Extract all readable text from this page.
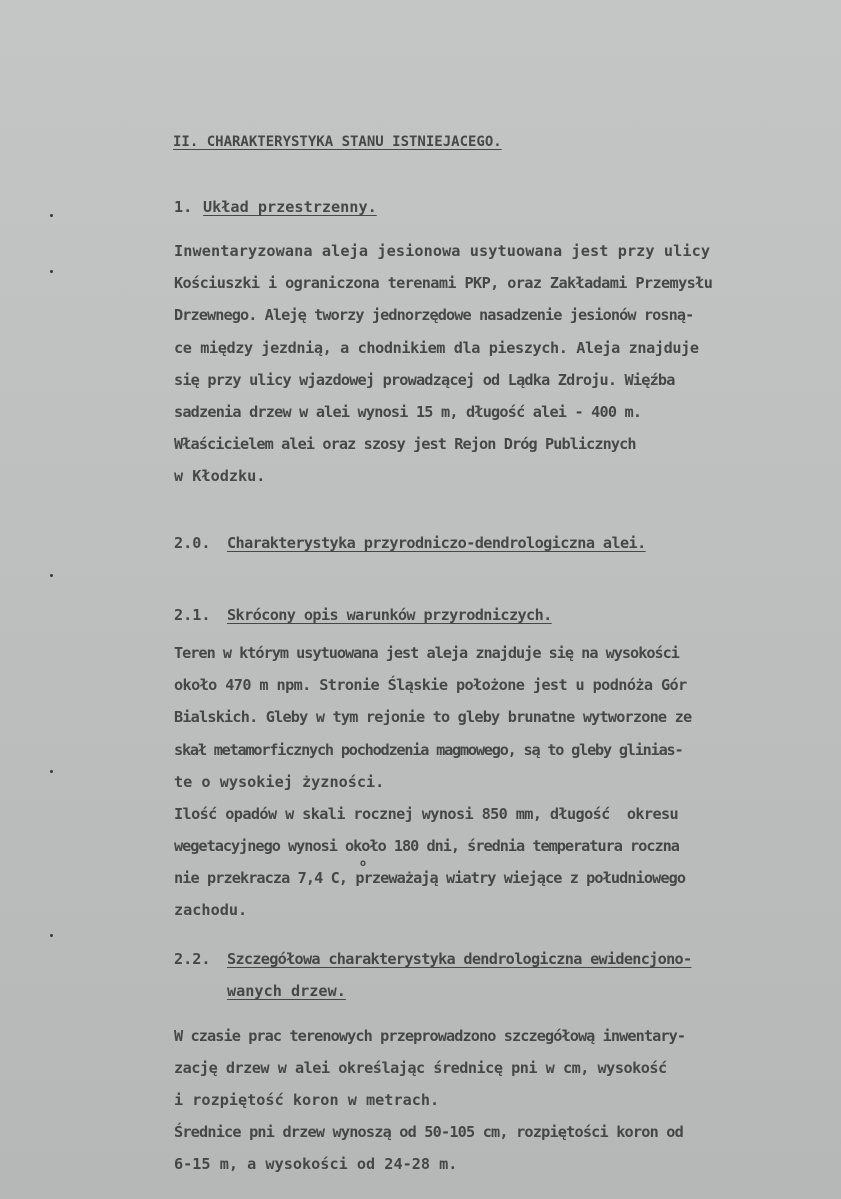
II. CHARAKTERYSTYKA STANU ISTNIEJACEGO.
1. Układ przestrzenny.
Inwentaryzowana aleja jesionowa usytuowana jest przy ulicy
Kościuszki i ograniczona terenami PKP, oraz Zakładami Przemysłu
Drzewnego. Aleję tworzy jednorzędowe nasadzenie jesionów rosną-
ce między jezdnią, a chodnikiem dla pieszych. Aleja znajduje
się przy ulicy wjazdowej prowadzącej od Lądka Zdroju. Więźba
sadzenia drzew w alei wynosi 15 m, długość alei - 400 m.
Właścicielem alei oraz szosy jest Rejon Dróg Publicznych
w Kłodzku.
2.0. Charakterystyka przyrodniczo-dendrologiczna alei.
2.1. Skrócony opis warunków przyrodniczych.
Teren w którym usytuowana jest aleja znajduje się na wysokości
około 470 m npm. Stronie Śląskie położone jest u podnóża Gór
Bialskich. Gleby w tym rejonie to gleby brunatne wytworzone ze
skał metamorficznych pochodzenia magmowego, są to gleby glinias-
te o wysokiej żyzności.
Ilość opadów w skali rocznej wynosi 850 mm, długość  okresu
wegetacyjnego wynosi około 180 dni, średnia temperatura roczna
o
nie przekracza 7,4 C, przeważają wiatry wiejące z południowego
zachodu.
2.2. Szczegółowa charakterystyka dendrologiczna ewidencjono-
wanych drzew.
W czasie prac terenowych przeprowadzono szczegółową inwentary-
zację drzew w alei określając średnicę pni w cm, wysokość
i rozpiętość koron w metrach.
Średnice pni drzew wynoszą od 50-105 cm, rozpiętości koron od
6-15 m, a wysokości od 24-28 m.
